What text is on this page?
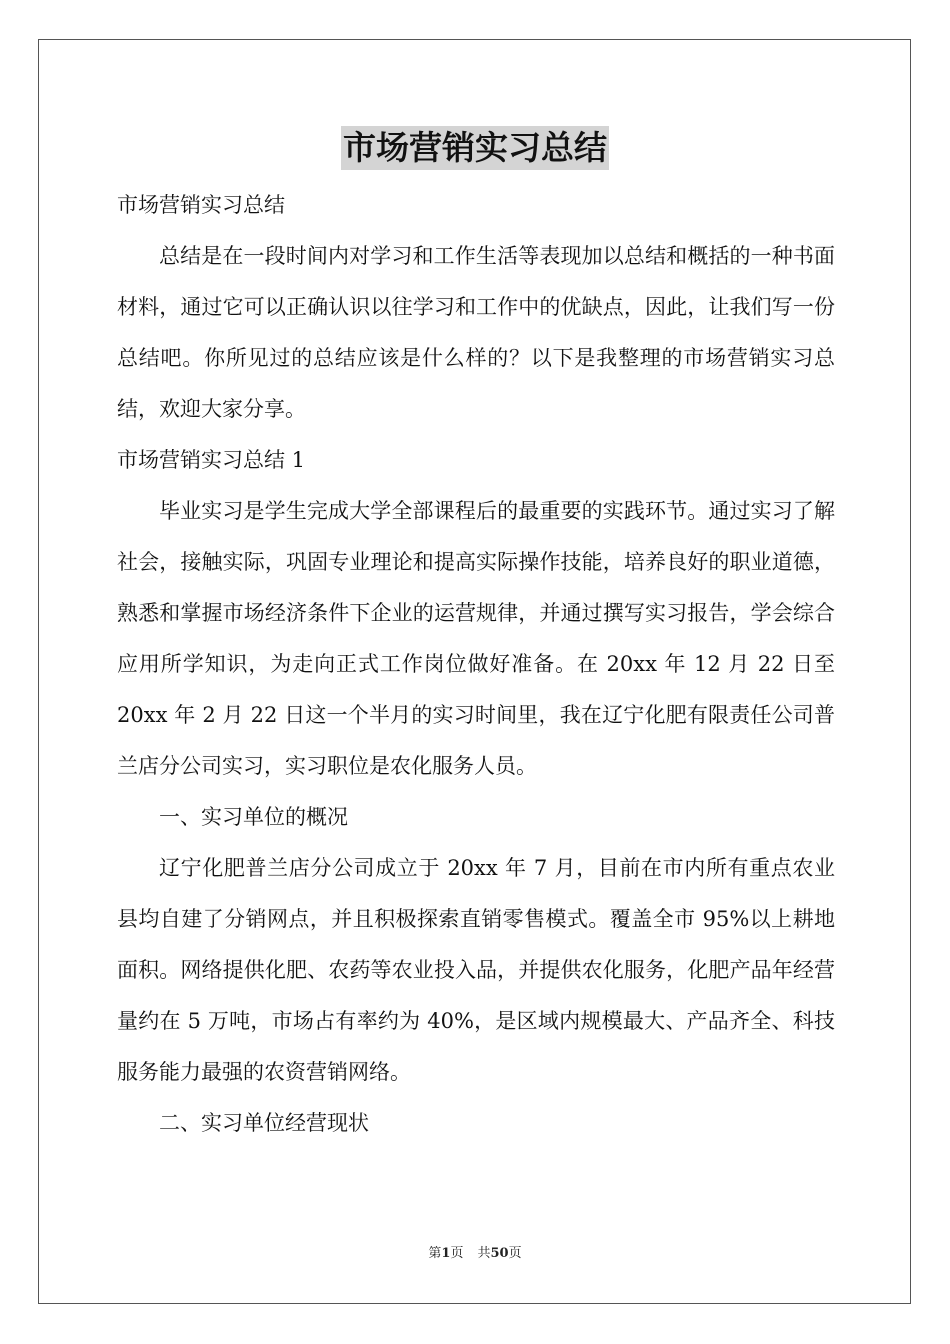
市场营销实习总结

市场营销实习总结

总结是在一段时间内对学习和工作生活等表现加以总结和概括的一种书面材料，通过它可以正确认识以往学习和工作中的优缺点，因此，让我们写一份总结吧。你所见过的总结应该是什么样的？以下是我整理的市场营销实习总结，欢迎大家分享。

市场营销实习总结 1

毕业实习是学生完成大学全部课程后的最重要的实践环节。通过实习了解社会，接触实际，巩固专业理论和提高实际操作技能，培养良好的职业道德，熟悉和掌握市场经济条件下企业的运营规律，并通过撰写实习报告，学会综合应用所学知识，为走向正式工作岗位做好准备。在 20xx 年 12 月 22 日至 20xx 年 2 月 22 日这一个半月的实习时间里，我在辽宁化肥有限责任公司普兰店分公司实习，实习职位是农化服务人员。

一、实习单位的概况

辽宁化肥普兰店分公司成立于 20xx 年 7 月，目前在市内所有重点农业县均自建了分销网点，并且积极探索直销零售模式。覆盖全市 95%以上耕地面积。网络提供化肥、农药等农业投入品，并提供农化服务，化肥产品年经营量约在 5 万吨，市场占有率约为 40%，是区域内规模最大、产品齐全、科技服务能力最强的农资营销网络。

二、实习单位经营现状

第1页 共50页
